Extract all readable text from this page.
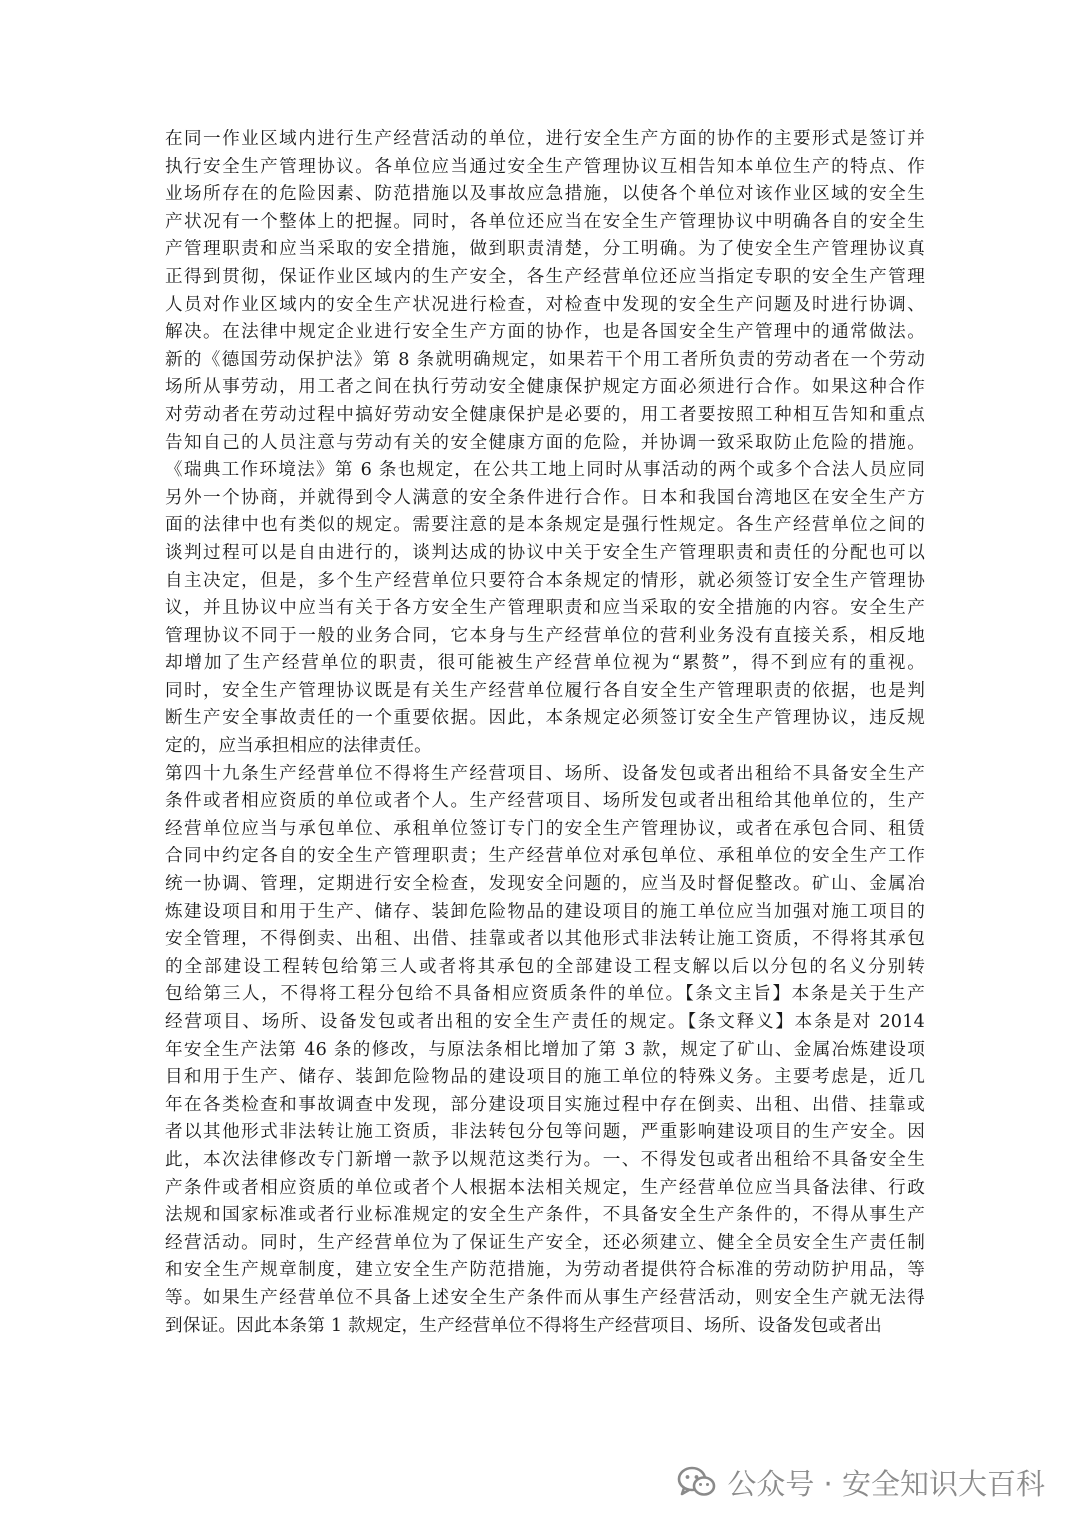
在同一作业区域内进行生产经营活动的单位，进行安全生产方面的协作的主要形式是签订并
执行安全生产管理协议。各单位应当通过安全生产管理协议互相告知本单位生产的特点、作
业场所存在的危险因素、防范措施以及事故应急措施，以使各个单位对该作业区域的安全生
产状况有一个整体上的把握。同时，各单位还应当在安全生产管理协议中明确各自的安全生
产管理职责和应当采取的安全措施，做到职责清楚，分工明确。为了使安全生产管理协议真
正得到贯彻，保证作业区域内的生产安全，各生产经营单位还应当指定专职的安全生产管理
人员对作业区域内的安全生产状况进行检查，对检查中发现的安全生产问题及时进行协调、
解决。在法律中规定企业进行安全生产方面的协作，也是各国安全生产管理中的通常做法。
新的《德国劳动保护法》第 8 条就明确规定，如果若干个用工者所负责的劳动者在一个劳动
场所从事劳动，用工者之间在执行劳动安全健康保护规定方面必须进行合作。如果这种合作
对劳动者在劳动过程中搞好劳动安全健康保护是必要的，用工者要按照工种相互告知和重点
告知自己的人员注意与劳动有关的安全健康方面的危险，并协调一致采取防止危险的措施。
《瑞典工作环境法》第 6 条也规定，在公共工地上同时从事活动的两个或多个合法人员应同
另外一个协商，并就得到令人满意的安全条件进行合作。日本和我国台湾地区在安全生产方
面的法律中也有类似的规定。需要注意的是本条规定是强行性规定。各生产经营单位之间的
谈判过程可以是自由进行的，谈判达成的协议中关于安全生产管理职责和责任的分配也可以
自主决定，但是，多个生产经营单位只要符合本条规定的情形，就必须签订安全生产管理协
议，并且协议中应当有关于各方安全生产管理职责和应当采取的安全措施的内容。安全生产
管理协议不同于一般的业务合同，它本身与生产经营单位的营利业务没有直接关系，相反地
却增加了生产经营单位的职责，很可能被生产经营单位视为“累赘”，得不到应有的重视。
同时，安全生产管理协议既是有关生产经营单位履行各自安全生产管理职责的依据，也是判
断生产安全事故责任的一个重要依据。因此，本条规定必须签订安全生产管理协议，违反规
定的，应当承担相应的法律责任。
第四十九条生产经营单位不得将生产经营项目、场所、设备发包或者出租给不具备安全生产
条件或者相应资质的单位或者个人。生产经营项目、场所发包或者出租给其他单位的，生产
经营单位应当与承包单位、承租单位签订专门的安全生产管理协议，或者在承包合同、租赁
合同中约定各自的安全生产管理职责；生产经营单位对承包单位、承租单位的安全生产工作
统一协调、管理，定期进行安全检查，发现安全问题的，应当及时督促整改。矿山、金属冶
炼建设项目和用于生产、储存、装卸危险物品的建设项目的施工单位应当加强对施工项目的
安全管理，不得倒卖、出租、出借、挂靠或者以其他形式非法转让施工资质，不得将其承包
的全部建设工程转包给第三人或者将其承包的全部建设工程支解以后以分包的名义分别转
包给第三人，不得将工程分包给不具备相应资质条件的单位。【条文主旨】本条是关于生产
经营项目、场所、设备发包或者出租的安全生产责任的规定。【条文释义】本条是对 2014
年安全生产法第 46 条的修改，与原法条相比增加了第 3 款，规定了矿山、金属冶炼建设项
目和用于生产、储存、装卸危险物品的建设项目的施工单位的特殊义务。主要考虑是，近几
年在各类检查和事故调查中发现，部分建设项目实施过程中存在倒卖、出租、出借、挂靠或
者以其他形式非法转让施工资质，非法转包分包等问题，严重影响建设项目的生产安全。因
此，本次法律修改专门新增一款予以规范这类行为。一、不得发包或者出租给不具备安全生
产条件或者相应资质的单位或者个人根据本法相关规定，生产经营单位应当具备法律、行政
法规和国家标准或者行业标准规定的安全生产条件，不具备安全生产条件的，不得从事生产
经营活动。同时，生产经营单位为了保证生产安全，还必须建立、健全全员安全生产责任制
和安全生产规章制度，建立安全生产防范措施，为劳动者提供符合标准的劳动防护用品，等
等。如果生产经营单位不具备上述安全生产条件而从事生产经营活动，则安全生产就无法得
到保证。因此本条第 1 款规定，生产经营单位不得将生产经营项目、场所、设备发包或者出
公众号 · 安全知识大百科
